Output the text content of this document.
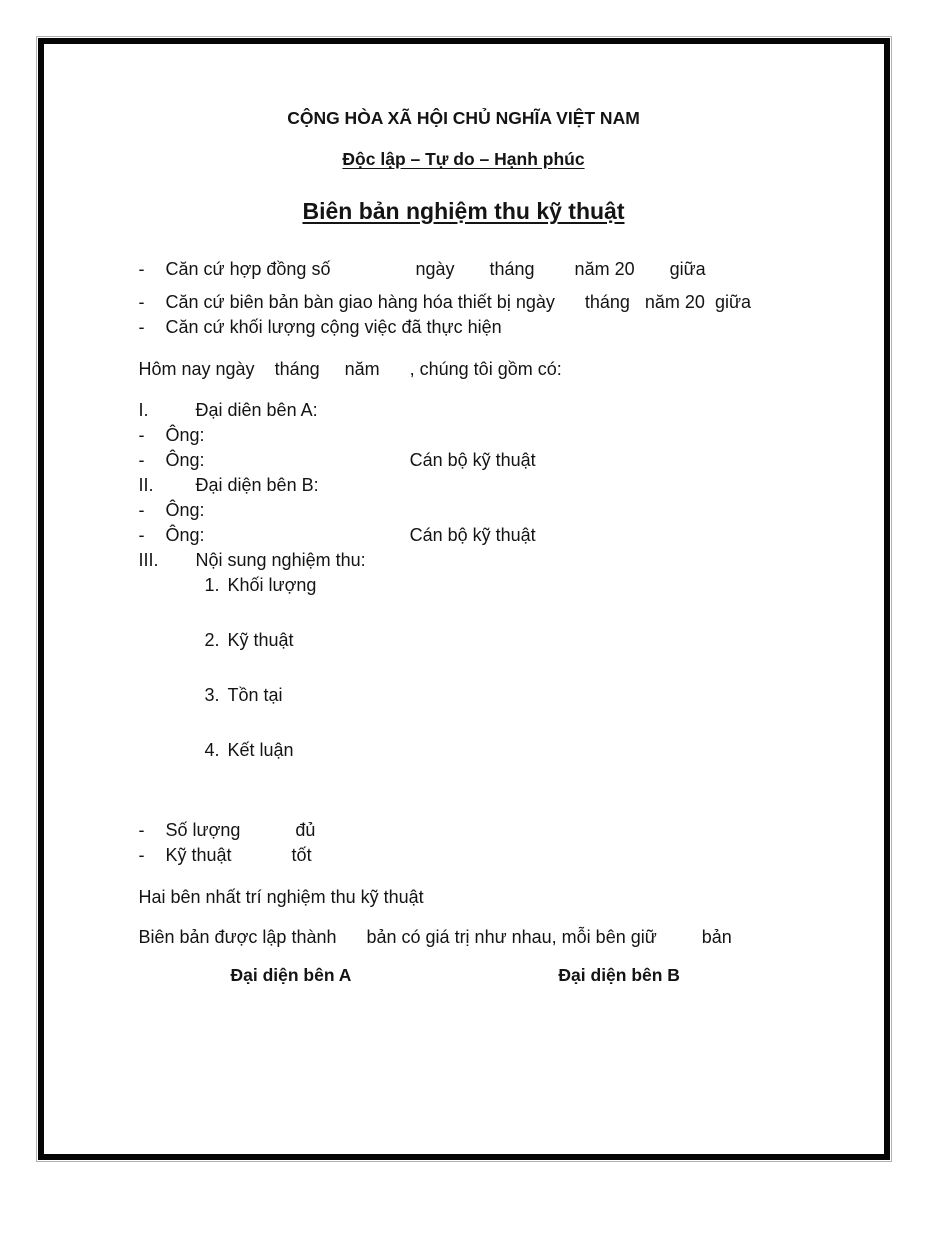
CỘNG HÒA XÃ HỘI CHỦ NGHĨA VIỆT NAM
Độc lập – Tự do – Hạnh phúc
Biên bản nghiệm thu kỹ thuật
-	Căn cứ hợp đồng số                 ngày       tháng        năm 20       giữa
-	Căn cứ biên bản bàn giao hàng hóa thiết bị ngày      tháng   năm 20  giữa
-	Căn cứ khối lượng cộng việc đã thực hiện
Hôm nay ngày    tháng     năm      , chúng tôi gồm có:
I.	Đại diên bên A:
-	Ông:
-	Ông:                                         Cán bộ kỹ thuật
II.	Đại diện bên B:
-	Ông:
-	Ông:                                         Cán bộ kỹ thuật
III.	Nội sung nghiệm thu:
1. Khối lượng
2. Kỹ thuật
3. Tồn tại
4. Kết luận
-	Số lượng           đủ
-	Kỹ thuật            tốt
Hai bên nhất trí nghiệm thu kỹ thuật
Biên bản được lập thành      bản có giá trị như nhau, mỗi bên giữ         bản
Đại diện bên A	Đại diện bên B
